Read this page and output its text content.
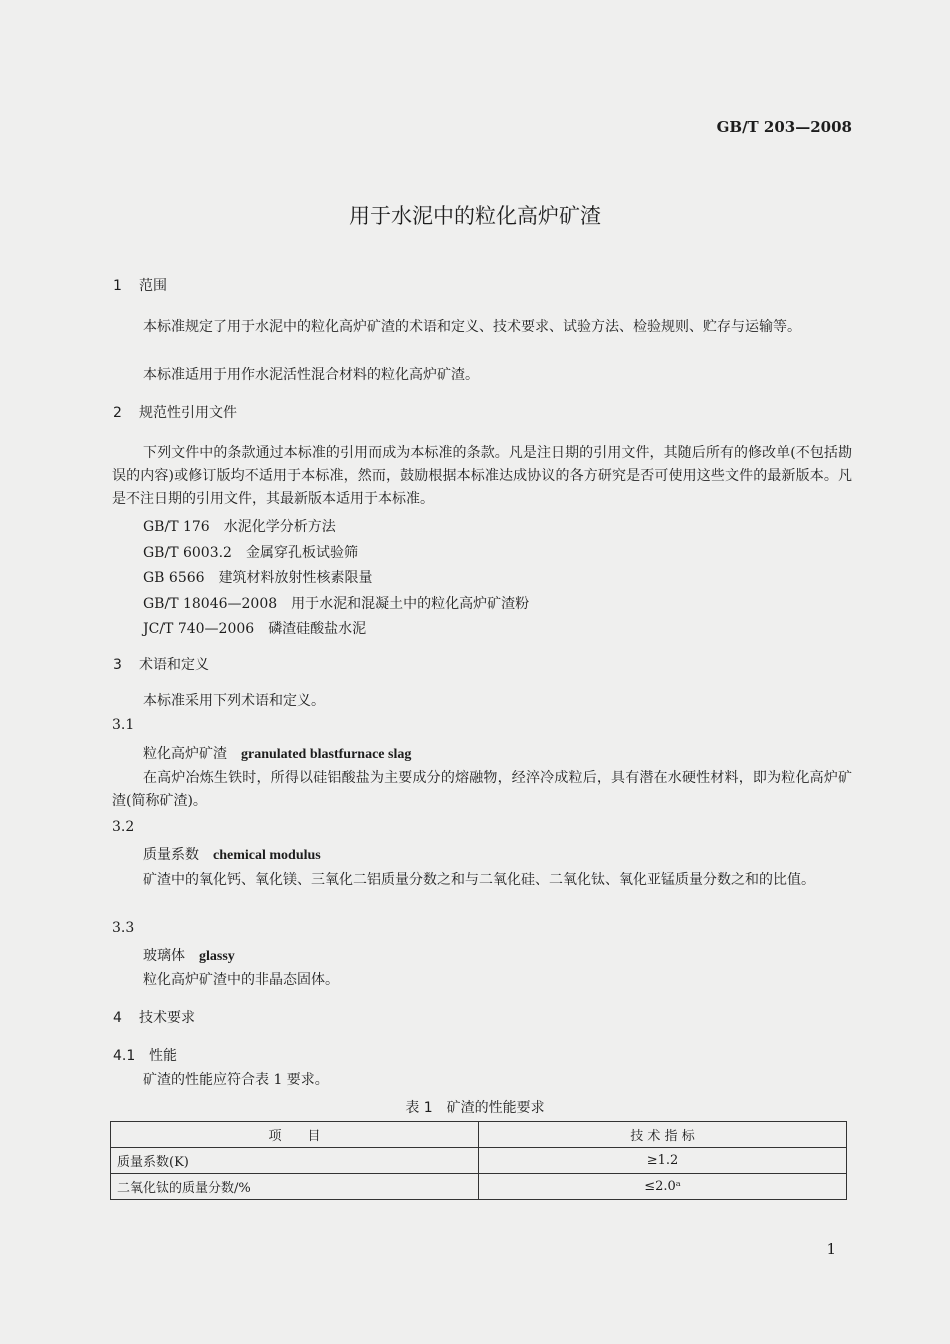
GB/T 203—2008
用于水泥中的粒化高炉矿渣
1 范围
本标准规定了用于水泥中的粒化高炉矿渣的术语和定义、技术要求、试验方法、检验规则、贮存与运输等。
本标准适用于用作水泥活性混合材料的粒化高炉矿渣。
2 规范性引用文件
下列文件中的条款通过本标准的引用而成为本标准的条款。凡是注日期的引用文件，其随后所有的修改单(不包括勘误的内容)或修订版均不适用于本标准，然而，鼓励根据本标准达成协议的各方研究是否可使用这些文件的最新版本。凡是不注日期的引用文件，其最新版本适用于本标准。
GB/T 176 水泥化学分析方法
GB/T 6003.2 金属穿孔板试验筛
GB 6566 建筑材料放射性核素限量
GB/T 18046—2008 用于水泥和混凝土中的粒化高炉矿渣粉
JC/T 740—2006 磷渣硅酸盐水泥
3 术语和定义
本标准采用下列术语和定义。
3.1
粒化高炉矿渣 granulated blastfurnace slag
在高炉冶炼生铁时，所得以硅铝酸盐为主要成分的熔融物，经淬冷成粒后，具有潜在水硬性材料，即为粒化高炉矿渣(简称矿渣)。
3.2
质量系数 chemical modulus
矿渣中的氧化钙、氧化镁、三氧化二铝质量分数之和与二氧化硅、二氧化钛、氧化亚锰质量分数之和的比值。
3.3
玻璃体 glassy
粒化高炉矿渣中的非晶态固体。
4 技术要求
4.1 性能
矿渣的性能应符合表 1 要求。
表 1　矿渣的性能要求
项　　目	技 术 指 标
质量系数(K)	≥1.2
二氧化钛的质量分数/%	≤2.0ᵃ
1
